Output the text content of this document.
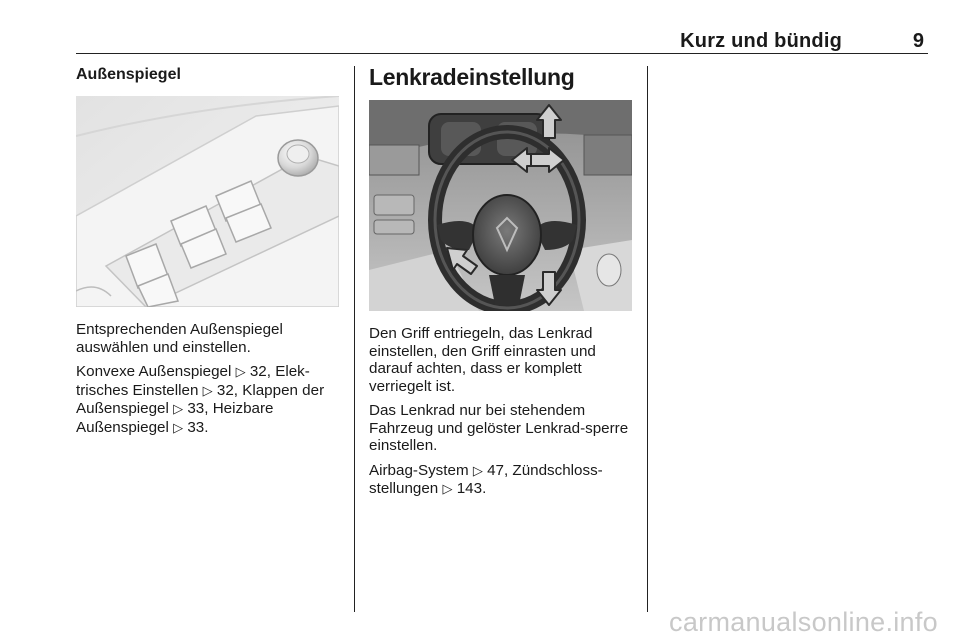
Kurz und bündig	9
Außenspiegel

Entsprechenden Außenspiegel auswählen und einstellen.

Konvexe Außenspiegel ▷ 32, Elek-trisches Einstellen ▷ 32, Klappen der Außenspiegel ▷ 33, Heizbare Außenspiegel ▷ 33.

Lenkradeinstellung

Den Griff entriegeln, das Lenkrad einstellen, den Griff einrasten und darauf achten, dass er komplett verriegelt ist.

Das Lenkrad nur bei stehendem Fahrzeug und gelöster Lenkrad-sperre einstellen.

Airbag-System ▷ 47, Zündschloss-stellungen ▷ 143.

carmanualsonline.info
